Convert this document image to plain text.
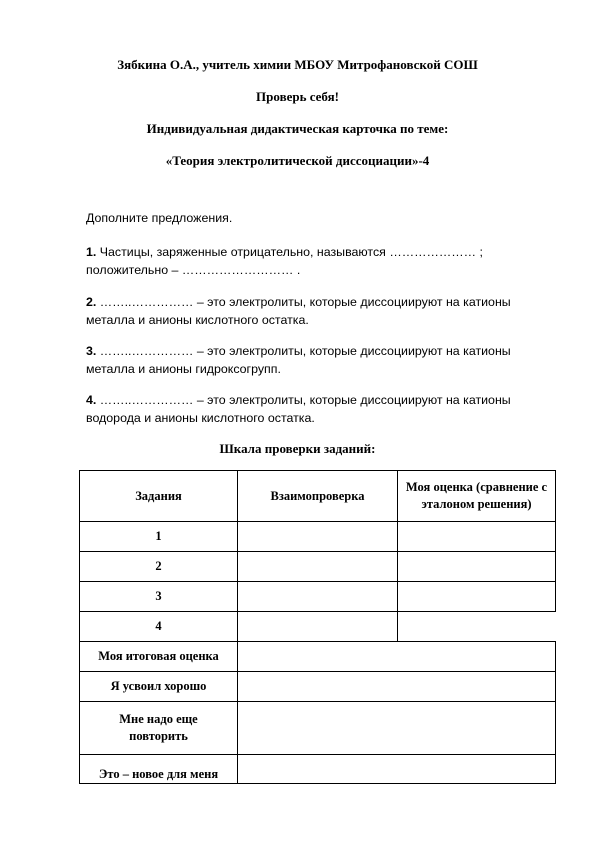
Зябкина О.А., учитель химии МБОУ Митрофановской СОШ
Проверь себя!
Индивидуальная дидактическая карточка по теме:
«Теория электролитической диссоциации»-4
Дополните предложения.
1. Частицы, заряженные отрицательно, называются ………………… ;
положительно – ……………………… .
2. ……..…………… – это электролиты, которые диссоциируют на катионы
металла и анионы кислотного остатка.
3. ……..…………… – это электролиты, которые диссоциируют на катионы
металла и анионы гидроксогрупп.
4. ……..…………… – это электролиты, которые диссоциируют на катионы
водорода и анионы кислотного остатка.
Шкала проверки заданий:
Задания	Взаимопроверка	Моя оценка (сравнение с эталоном решения)
1		
2		
3		
4		
Моя итоговая оценка		
Я усвоил хорошо		
Мне надо еще повторить		
Это – новое для меня		
